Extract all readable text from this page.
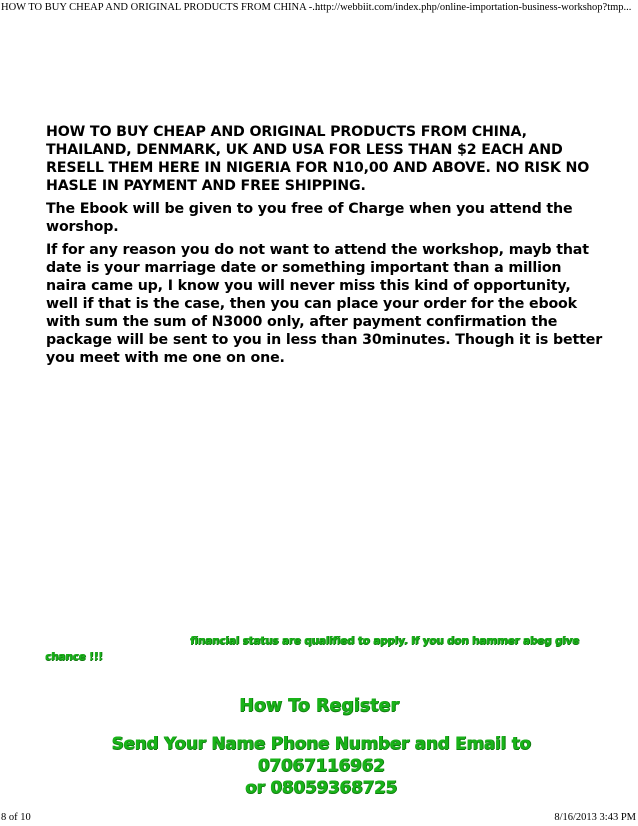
HOW TO BUY CHEAP AND ORIGINAL PRODUCTS FROM CHINA -...
http://webbiit.com/index.php/online-importation-business-workshop?tmp...

HOW TO BUY CHEAP AND ORIGINAL PRODUCTS FROM CHINA, THAILAND, DENMARK, UK AND USA FOR LESS THAN $2 EACH AND RESELL THEM HERE IN NIGERIA FOR N10,00 AND ABOVE. NO RISK NO HASLE IN PAYMENT AND FREE SHIPPING.

The Ebook will be given to you free of Charge when you attend the worshop.

If for any reason you do not want to attend the workshop, mayb that date is your marriage date or something important than a million naira came up, I know you will never miss this kind of opportunity, well if that is the case, then you can place your order for the ebook with sum the sum of N3000 only, after payment confirmation the package will be sent to you in less than 30minutes. Though it is better you meet with me one on one.

financial status are qualified to apply. If you don hammer abeg give
chance !!!
How To Register
Send Your Name Phone Number and Email to 07067116962
or 08059368725
8 of 10	8/16/2013 3:43 PM
